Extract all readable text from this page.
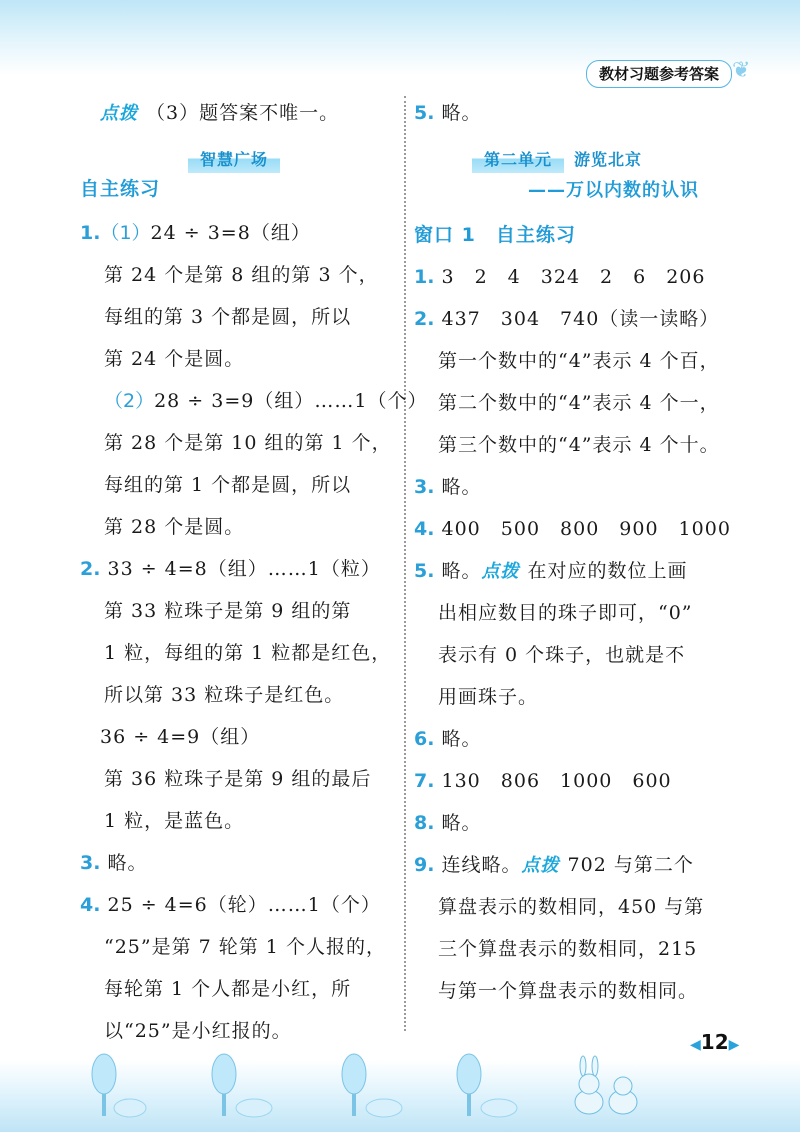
教材习题参考答案 ❦
点拨 （3）题答案不唯一。
智慧广场
自主练习
1.（1）24 ÷ 3=8（组）
第 24 个是第 8 组的第 3 个，
每组的第 3 个都是圆，所以
第 24 个是圆。
（2）28 ÷ 3=9（组）……1（个）
第 28 个是第 10 组的第 1 个，
每组的第 1 个都是圆，所以
第 28 个是圆。
2. 33 ÷ 4=8（组）……1（粒）
第 33 粒珠子是第 9 组的第
1 粒，每组的第 1 粒都是红色，
所以第 33 粒珠子是红色。
36 ÷ 4=9（组）
第 36 粒珠子是第 9 组的最后
1 粒，是蓝色。
3. 略。
4. 25 ÷ 4=6（轮）……1（个）
“25”是第 7 轮第 1 个人报的，
每轮第 1 个人都是小红，所
以“25”是小红报的。
5. 略。
第二单元 游览北京
——万以内数的认识
窗口 1　自主练习
1. 3　2　4　324　2　6　206
2. 437　304　740（读一读略）
第一个数中的“4”表示 4 个百，
第二个数中的“4”表示 4 个一，
第三个数中的“4”表示 4 个十。
3. 略。
4. 400　500　800　900　1000
5. 略。点拨 在对应的数位上画
出相应数目的珠子即可，“0”
表示有 0 个珠子，也就是不
用画珠子。
6. 略。
7. 130　806　1000　600
8. 略。
9. 连线略。点拨 702 与第二个
算盘表示的数相同，450 与第
三个算盘表示的数相同，215
与第一个算盘表示的数相同。
◀12▶
